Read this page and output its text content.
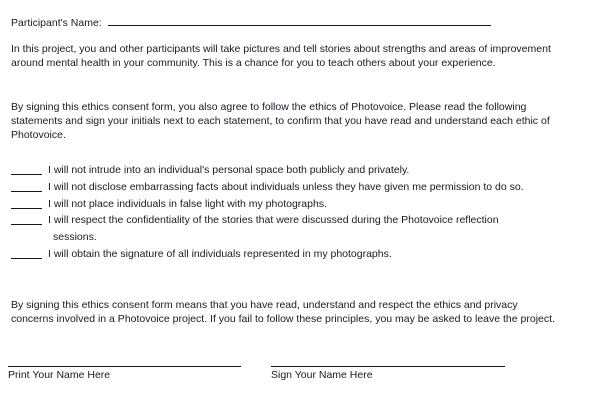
Participant's Name:
In this project, you and other participants will take pictures and tell stories about strengths and areas of improvement around mental health in your community. This is a chance for you to teach others about your experience.
By signing this ethics consent form, you also agree to follow the ethics of Photovoice. Please read the following statements and sign your initials next to each statement, to confirm that you have read and understand each ethic of Photovoice.
I will not intrude into an individual's personal space both publicly and privately.
I will not disclose embarrassing facts about individuals unless they have given me permission to do so.
I will not place individuals in false light with my photographs.
I will respect the confidentiality of the stories that were discussed during the Photovoice reflection
sessions.
I will obtain the signature of all individuals represented in my photographs.
By signing this ethics consent form means that you have read, understand and respect the ethics and privacy concerns involved in a Photovoice project. If you fail to follow these principles, you may be asked to leave the project.
Print Your Name Here	Sign Your Name Here
